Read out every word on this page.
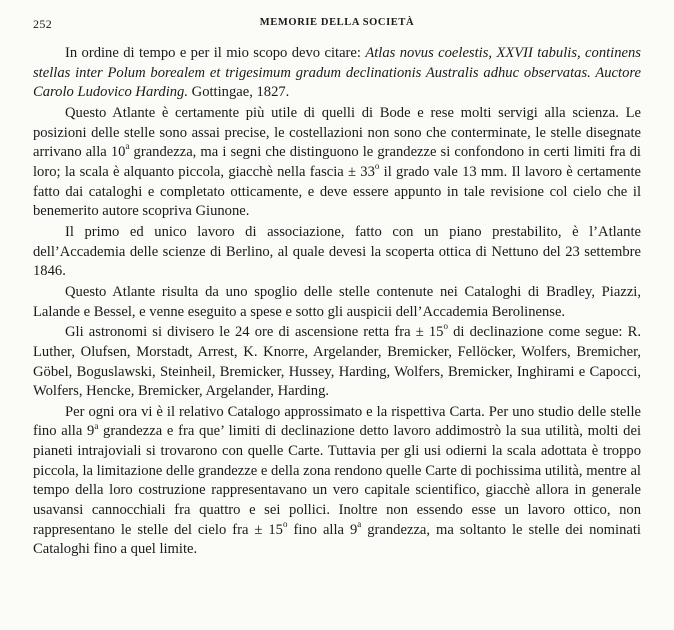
252	MEMORIE DELLA SOCIETÀ

In ordine di tempo e per il mio scopo devo citare: Atlas novus coelestis, XXVII tabulis, continens stellas inter Polum borealem et trigesimum gradum declinationis Australis adhuc observatas. Auctore Carolo Ludovico Harding. Gottingae, 1827.

Questo Atlante è certamente più utile di quelli di Bode e rese molti servigi alla scienza. Le posizioni delle stelle sono assai precise, le costellazioni non sono che conterminate, le stelle disegnate arrivano alla 10$^a$ grandezza, ma i segni che distinguono le grandezze si confondono in certi limiti fra di loro; la scala è alquanto piccola, giacchè nella fascia ± $33^o$ il grado vale 13 mm. Il lavoro è certamente fatto dai cataloghi e completato otticamente, e deve essere appunto in tale revisione col cielo che il benemerito autore scopriva Giunone.

Il primo ed unico lavoro di associazione, fatto con un piano prestabilito, è l’Atlante dell’Accademia delle scienze di Berlino, al quale devesi la scoperta ottica di Nettuno del 23 settembre 1846.

Questo Atlante risulta da uno spoglio delle stelle contenute nei Cataloghi di Bradley, Piazzi, Lalande e Bessel, e venne eseguito a spese e sotto gli auspicii dell’Accademia Berolinense.

Gli astronomi si divisero le 24 ore di ascensione retta fra ± $15^o$ di declinazione come segue: R. Luther, Olufsen, Morstadt, Arrest, K. Knorre, Argelander, Bremicker, Fellöcker, Wolfers, Bremicher, Göbel, Boguslawski, Steinheil, Bremicker, Hussey, Harding, Wolfers, Bremicker, Inghirami e Capocci, Wolfers, Hencke, Bremicker, Argelander, Harding.

Per ogni ora vi è il relativo Catalogo approssimato e la rispettiva Carta. Per uno studio delle stelle fino alla 9$^a$ grandezza e fra que’ limiti di declinazione detto lavoro addimostrò la sua utilità, molti dei pianeti intrajoviali si trovarono con quelle Carte. Tuttavia per gli usi odierni la scala adottata è troppo piccola, la limitazione delle grandezze e della zona rendono quelle Carte di pochissima utilità, mentre al tempo della loro costruzione rappresentavano un vero capitale scientifico, giacchè allora in generale usavansi cannocchiali fra quattro e sei pollici. Inoltre non essendo esse un lavoro ottico, non rappresentano le stelle del cielo fra ± $15^o$ fino alla 9$^a$ grandezza, ma soltanto le stelle dei nominati Cataloghi fino a quel limite.
